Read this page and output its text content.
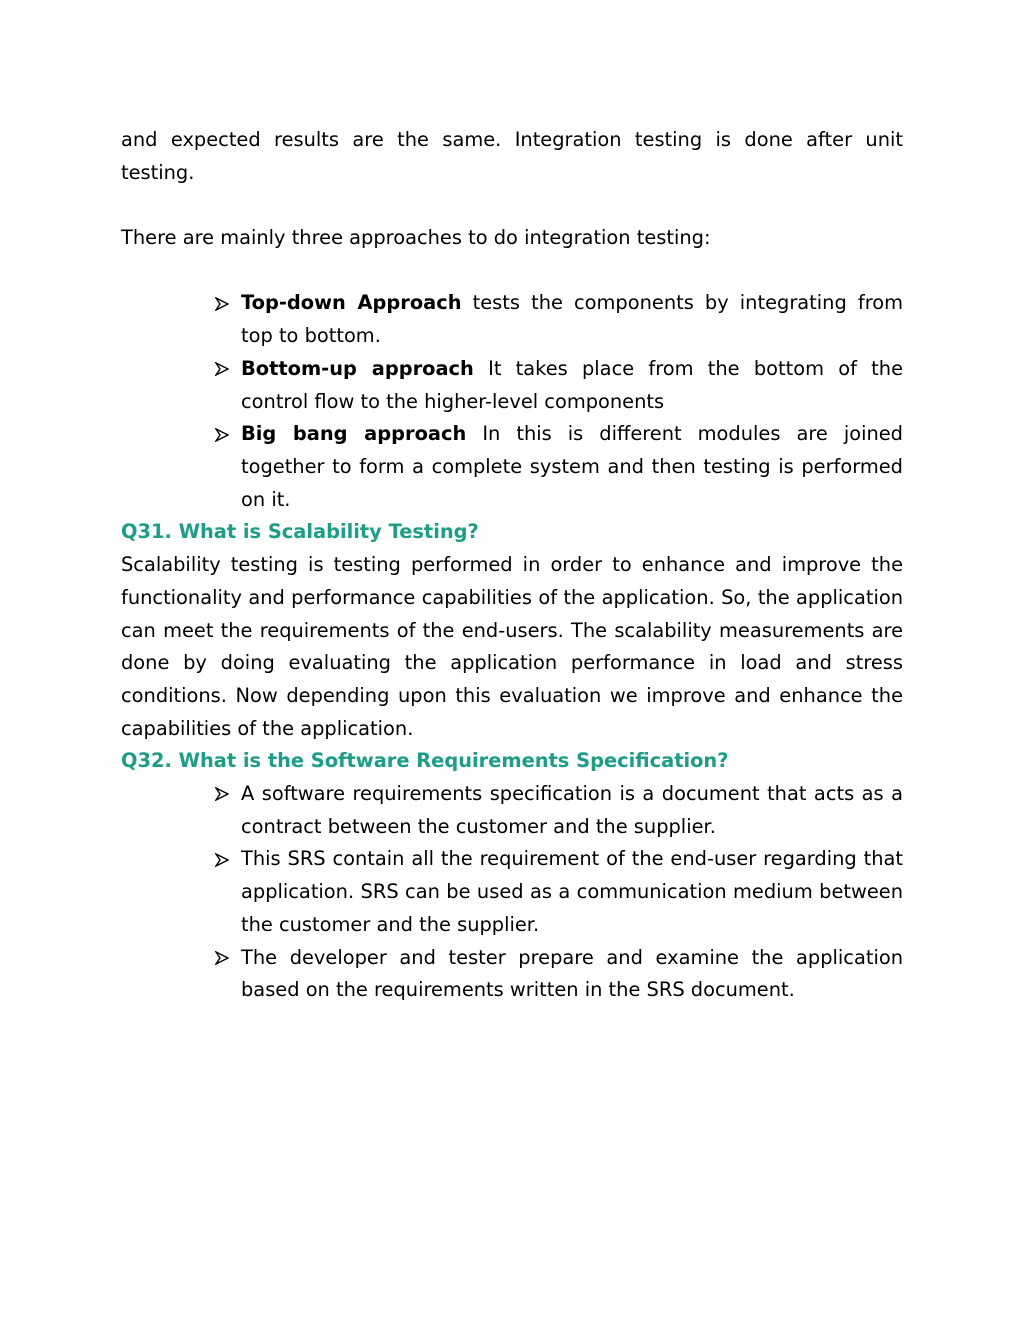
and expected results are the same. Integration testing is done after unit testing.

There are mainly three approaches to do integration testing:

Top-down Approach tests the components by integrating from top to bottom.
Bottom-up approach It takes place from the bottom of the control flow to the higher-level components
Big bang approach In this is different modules are joined together to form a complete system and then testing is performed on it.
Q31. What is Scalability Testing?

Scalability testing is testing performed in order to enhance and improve the functionality and performance capabilities of the application. So, the application can meet the requirements of the end-users. The scalability measurements are done by doing evaluating the application performance in load and stress conditions. Now depending upon this evaluation we improve and enhance the capabilities of the application.

Q32. What is the Software Requirements Specification?
A software requirements specification is a document that acts as a contract between the customer and the supplier.
This SRS contain all the requirement of the end-user regarding that application. SRS can be used as a communication medium between the customer and the supplier.
The developer and tester prepare and examine the application based on the requirements written in the SRS document.
